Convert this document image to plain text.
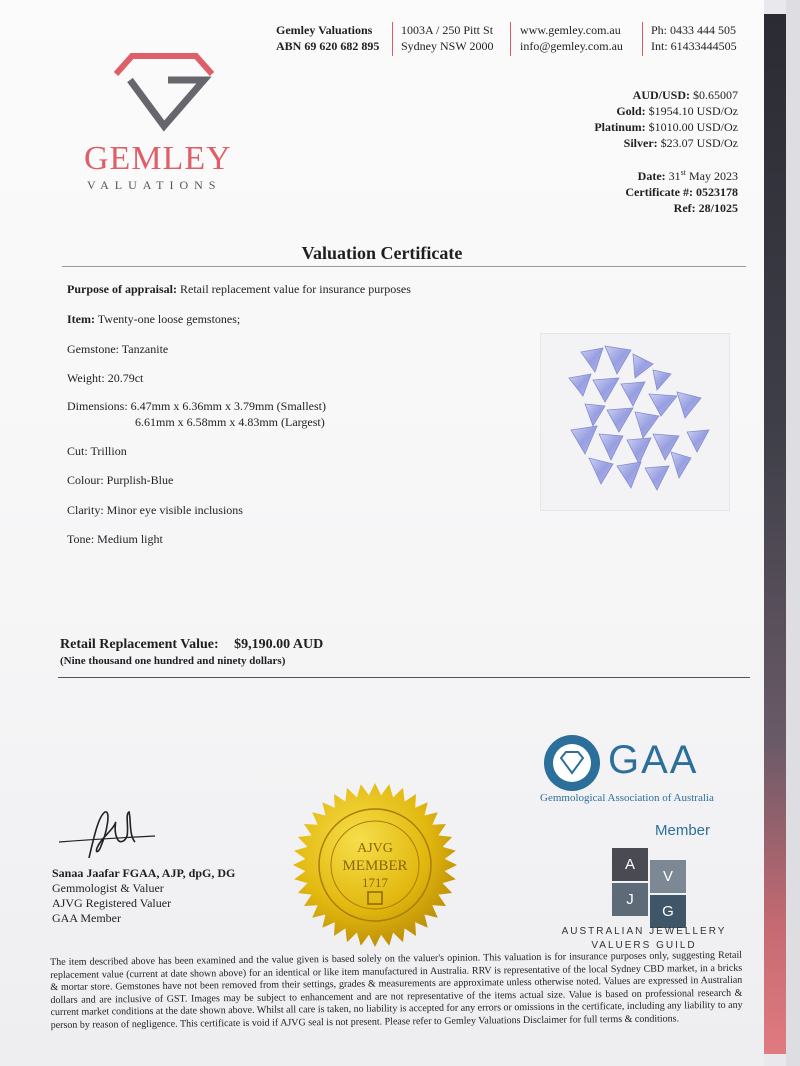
Gemley Valuations
ABN 69 620 682 895
1003A / 250 Pitt St
Sydney NSW 2000
www.gemley.com.au
info@gemley.com.au
Ph: 0433 444 505
Int: 61433444505
GEMLEY
VALUATIONS
AUD/USD: $0.65007
Gold: $1954.10 USD/Oz
Platinum: $1010.00 USD/Oz
Silver: $23.07 USD/Oz
Date: 31st May 2023
Certificate #: 0523178
Ref: 28/1025
Valuation Certificate
Purpose of appraisal: Retail replacement value for insurance purposes
Item: Twenty-one loose gemstones;
Gemstone: Tanzanite
Weight: 20.79ct
Dimensions: 6.47mm x 6.36mm x 3.79mm (Smallest)
6.61mm x 6.58mm x 4.83mm (Largest)
Cut: Trillion
Colour: Purplish-Blue
Clarity: Minor eye visible inclusions
Tone: Medium light
Retail Replacement Value: $9,190.00 AUD
(Nine thousand one hundred and ninety dollars)
GAA
Gemmological Association of Australia
Member
A
V
J
G
AUSTRALIAN JEWELLERY
VALUERS GUILD
AJVG
MEMBER
1717
Sanaa Jaafar FGAA, AJP, dpG, DG
Gemmologist & Valuer
AJVG Registered Valuer
GAA Member
The item described above has been examined and the value given is based solely on the valuer's opinion. This valuation is for insurance purposes only, suggesting Retail replacement value (current at date shown above) for an identical or like item manufactured in Australia. RRV is representative of the local Sydney CBD market, in a bricks & mortar store. Gemstones have not been removed from their settings, grades & measurements are approximate unless otherwise noted. Values are expressed in Australian dollars and are inclusive of GST. Images may be subject to enhancement and are not representative of the items actual size. Value is based on professional research & current market conditions at the date shown above. Whilst all care is taken, no liability is accepted for any errors or omissions in the certificate, including any liability to any person by reason of negligence. This certificate is void if AJVG seal is not present. Please refer to Gemley Valuations Disclaimer for full terms & conditions.
